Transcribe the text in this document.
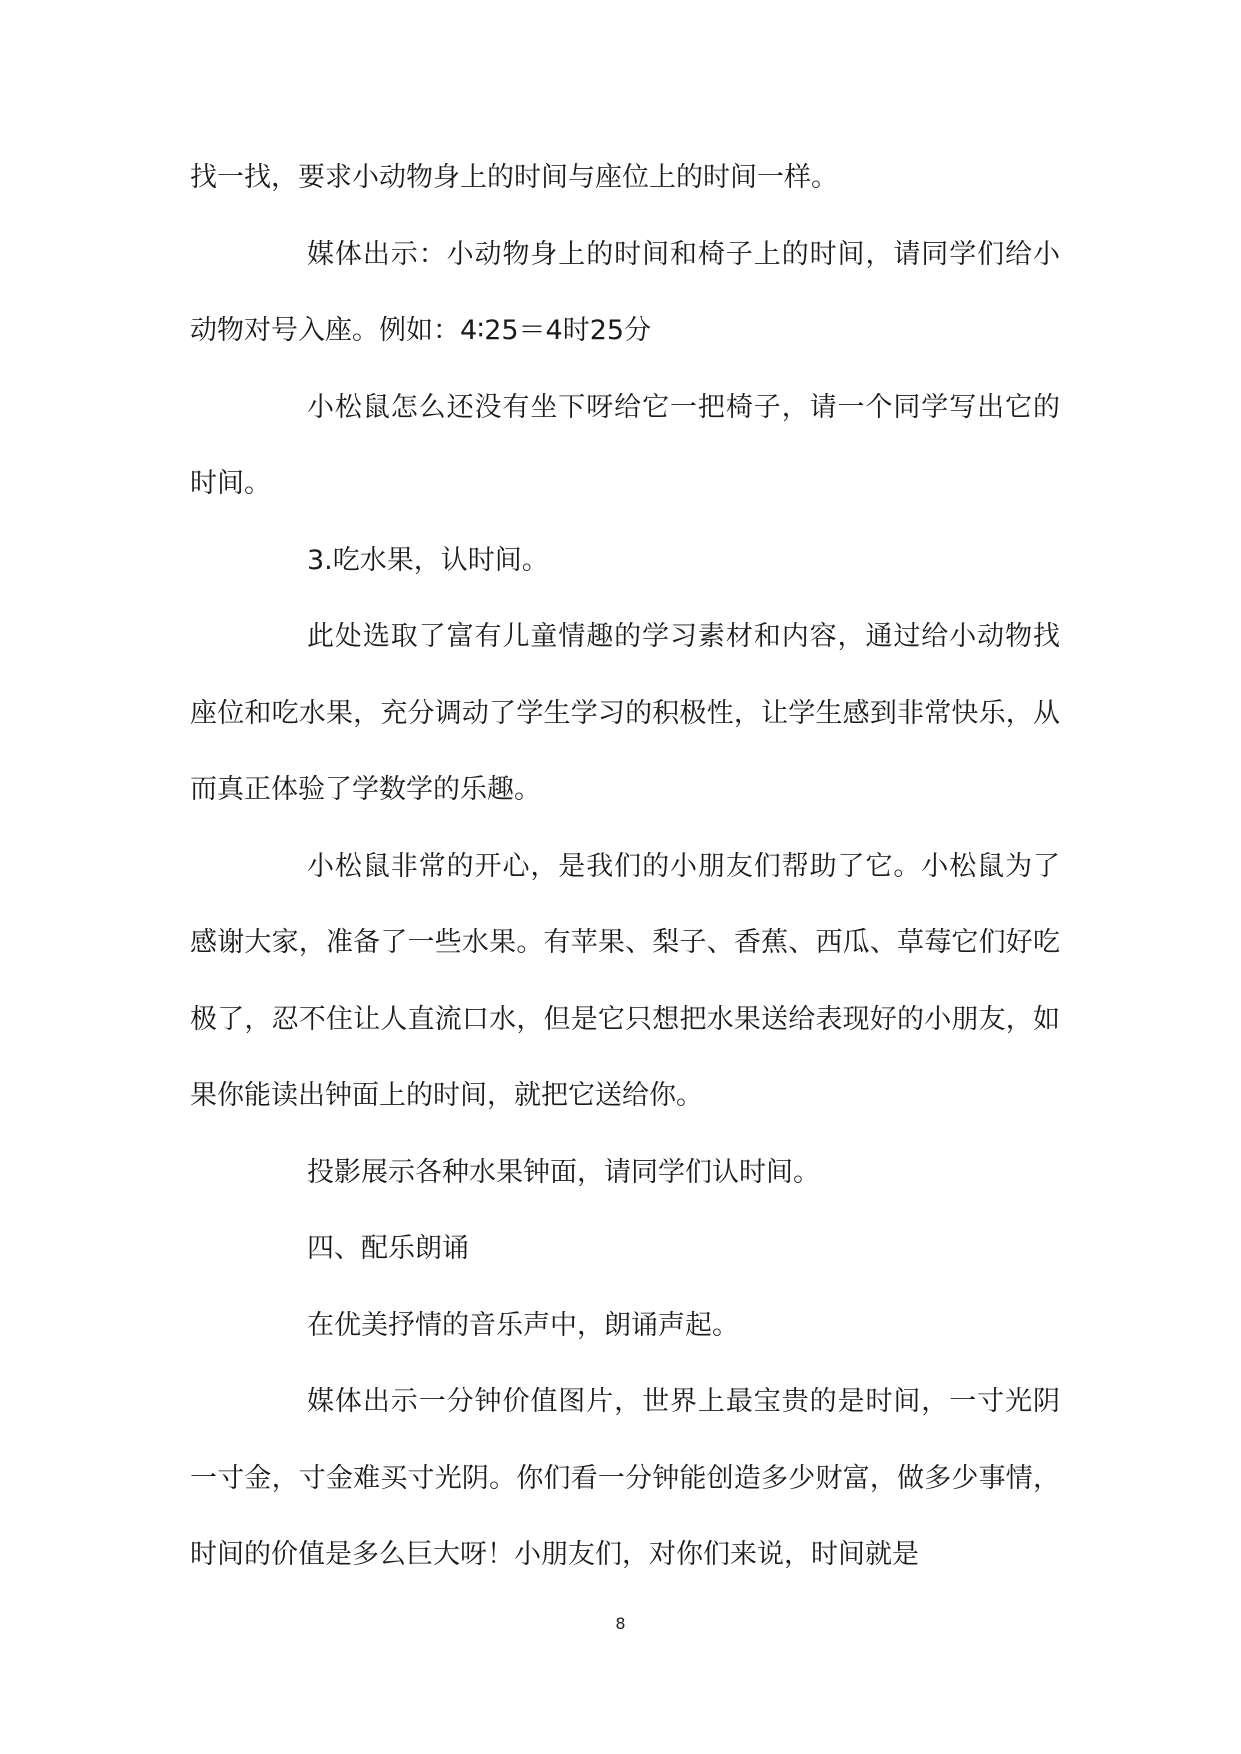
找一找，要求小动物身上的时间与座位上的时间一样。

媒体出示：小动物身上的时间和椅子上的时间，请同学们给小动物对号入座。例如：4∶25＝4时25分

小松鼠怎么还没有坐下呀给它一把椅子，请一个同学写出它的时间。

3.吃水果，认时间。

此处选取了富有儿童情趣的学习素材和内容，通过给小动物找座位和吃水果，充分调动了学生学习的积极性，让学生感到非常快乐，从而真正体验了学数学的乐趣。

小松鼠非常的开心，是我们的小朋友们帮助了它。小松鼠为了感谢大家，准备了一些水果。有苹果、梨子、香蕉、西瓜、草莓它们好吃极了，忍不住让人直流口水，但是它只想把水果送给表现好的小朋友，如果你能读出钟面上的时间，就把它送给你。

投影展示各种水果钟面，请同学们认时间。

四、配乐朗诵

在优美抒情的音乐声中，朗诵声起。

媒体出示一分钟价值图片，世界上最宝贵的是时间，一寸光阴一寸金，寸金难买寸光阴。你们看一分钟能创造多少财富，做多少事情，时间的价值是多么巨大呀！小朋友们，对你们来说，时间就是

8
